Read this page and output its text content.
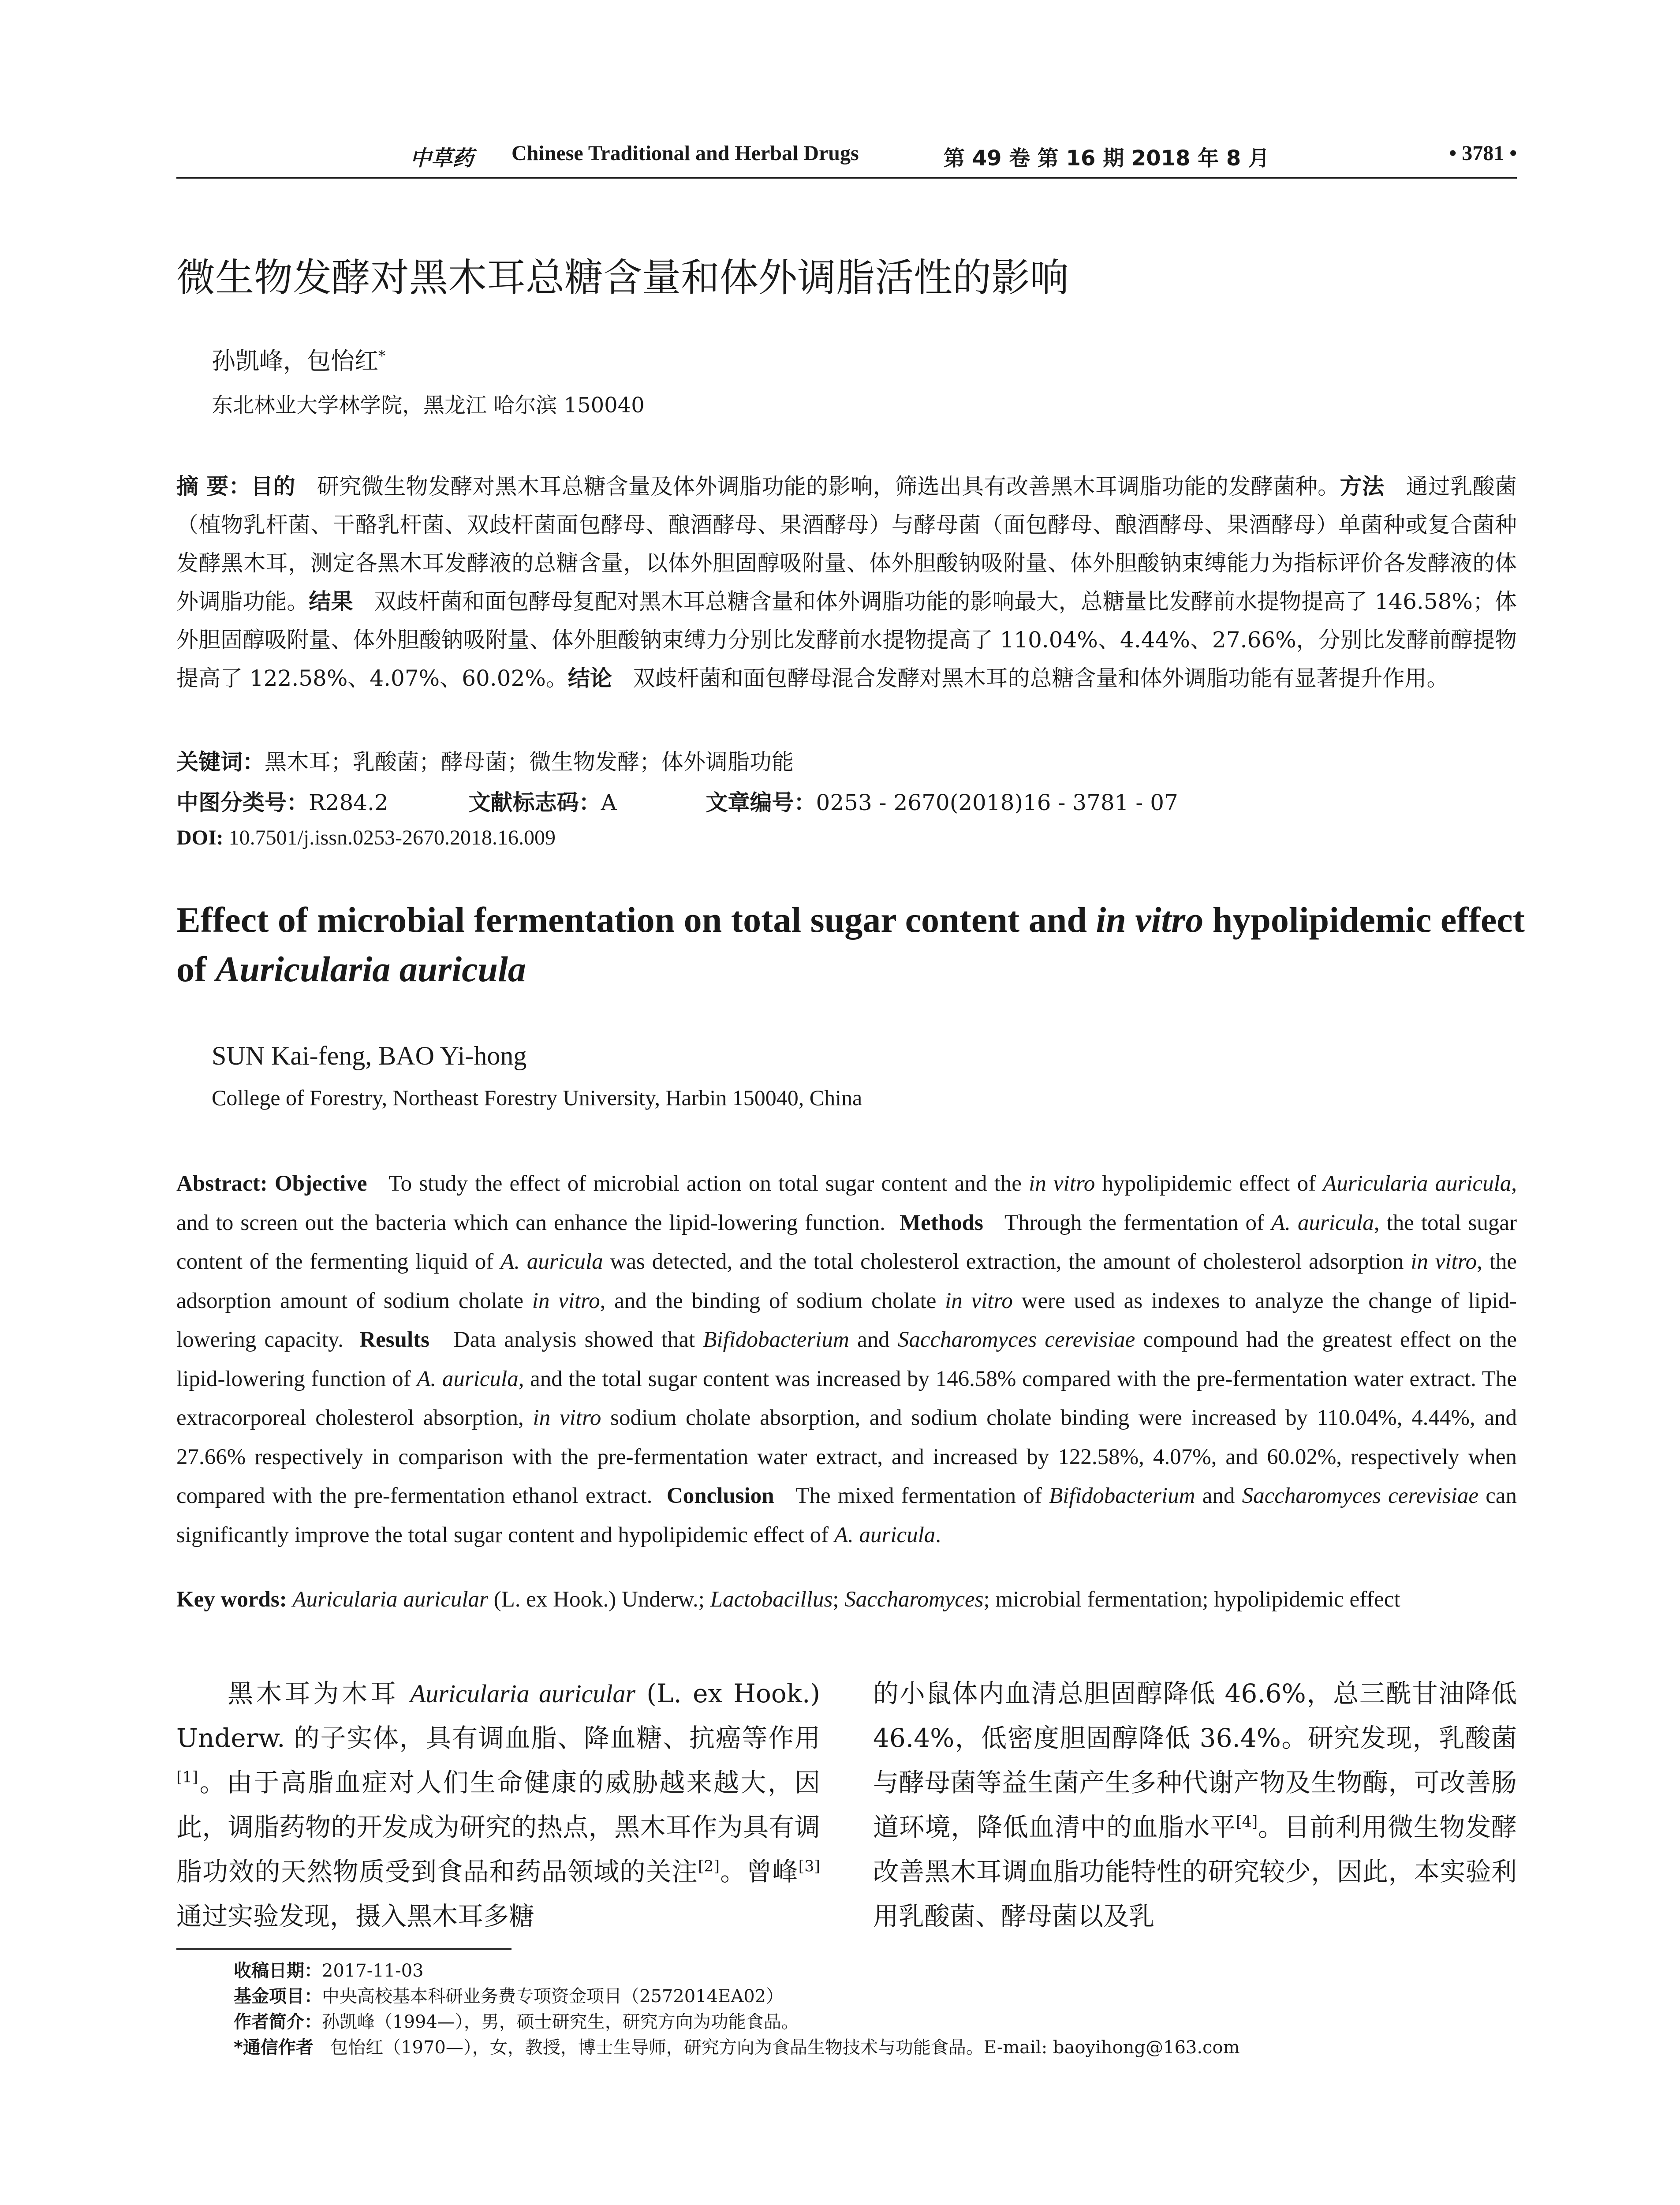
中草药 Chinese Traditional and Herbal Drugs	第 49 卷 第 16 期 2018 年 8 月	• 3781 •
微生物发酵对黑木耳总糖含量和体外调脂活性的影响
孙凯峰，包怡红*
东北林业大学林学院，黑龙江 哈尔滨 150040
摘 要：目的 研究微生物发酵对黑木耳总糖含量及体外调脂功能的影响，筛选出具有改善黑木耳调脂功能的发酵菌种。方法 通过乳酸菌（植物乳杆菌、干酪乳杆菌、双歧杆菌面包酵母、酿酒酵母、果酒酵母）与酵母菌（面包酵母、酿酒酵母、果酒酵母）单菌种或复合菌种发酵黑木耳，测定各黑木耳发酵液的总糖含量，以体外胆固醇吸附量、体外胆酸钠吸附量、体外胆酸钠束缚能力为指标评价各发酵液的体外调脂功能。结果 双歧杆菌和面包酵母复配对黑木耳总糖含量和体外调脂功能的影响最大，总糖量比发酵前水提物提高了 146.58%；体外胆固醇吸附量、体外胆酸钠吸附量、体外胆酸钠束缚力分别比发酵前水提物提高了 110.04%、4.44%、27.66%，分别比发酵前醇提物提高了 122.58%、4.07%、60.02%。结论 双歧杆菌和面包酵母混合发酵对黑木耳的总糖含量和体外调脂功能有显著提升作用。
关键词：黑木耳；乳酸菌；酵母菌；微生物发酵；体外调脂功能
中图分类号：R284.2	文献标志码：A	文章编号：0253 - 2670(2018)16 - 3781 - 07
DOI: 10.7501/j.issn.0253-2670.2018.16.009
Effect of microbial fermentation on total sugar content and in vitro hypolipidemic effect of Auricularia auricula
SUN Kai-feng, BAO Yi-hong
College of Forestry, Northeast Forestry University, Harbin 150040, China
Abstract: Objective To study the effect of microbial action on total sugar content and the in vitro hypolipidemic effect of Auricularia auricula, and to screen out the bacteria which can enhance the lipid-lowering function. Methods Through the fermentation of A. auricula, the total sugar content of the fermenting liquid of A. auricula was detected, and the total cholesterol extraction, the amount of cholesterol adsorption in vitro, the adsorption amount of sodium cholate in vitro, and the binding of sodium cholate in vitro were used as indexes to analyze the change of lipid-lowering capacity. Results Data analysis showed that Bifidobacterium and Saccharomyces cerevisiae compound had the greatest effect on the lipid-lowering function of A. auricula, and the total sugar content was increased by 146.58% compared with the pre-fermentation water extract. The extracorporeal cholesterol absorption, in vitro sodium cholate absorption, and sodium cholate binding were increased by 110.04%, 4.44%, and 27.66% respectively in comparison with the pre-fermentation water extract, and increased by 122.58%, 4.07%, and 60.02%, respectively when compared with the pre-fermentation ethanol extract. Conclusion The mixed fermentation of Bifidobacterium and Saccharomyces cerevisiae can significantly improve the total sugar content and hypolipidemic effect of A. auricula.
Key words: Auricularia auricular (L. ex Hook.) Underw.; Lactobacillus; Saccharomyces; microbial fermentation; hypolipidemic effect
黑木耳为木耳 Auricularia auricular (L. ex Hook.) Underw. 的子实体，具有调血脂、降血糖、抗癌等作用[1]。由于高脂血症对人们生命健康的威胁越来越大，因此，调脂药物的开发成为研究的热点，黑木耳作为具有调脂功效的天然物质受到食品和药品领域的关注[2]。曾峰[3]通过实验发现，摄入黑木耳多糖
的小鼠体内血清总胆固醇降低 46.6%，总三酰甘油降低 46.4%，低密度胆固醇降低 36.4%。研究发现，乳酸菌与酵母菌等益生菌产生多种代谢产物及生物酶，可改善肠道环境，降低血清中的血脂水平[4]。目前利用微生物发酵改善黑木耳调血脂功能特性的研究较少，因此，本实验利用乳酸菌、酵母菌以及乳
收稿日期：2017-11-03
基金项目：中央高校基本科研业务费专项资金项目（2572014EA02）
作者简介：孙凯峰（1994—），男，硕士研究生，研究方向为功能食品。
*通信作者 包怡红（1970—），女，教授，博士生导师，研究方向为食品生物技术与功能食品。E-mail: baoyihong@163.com
